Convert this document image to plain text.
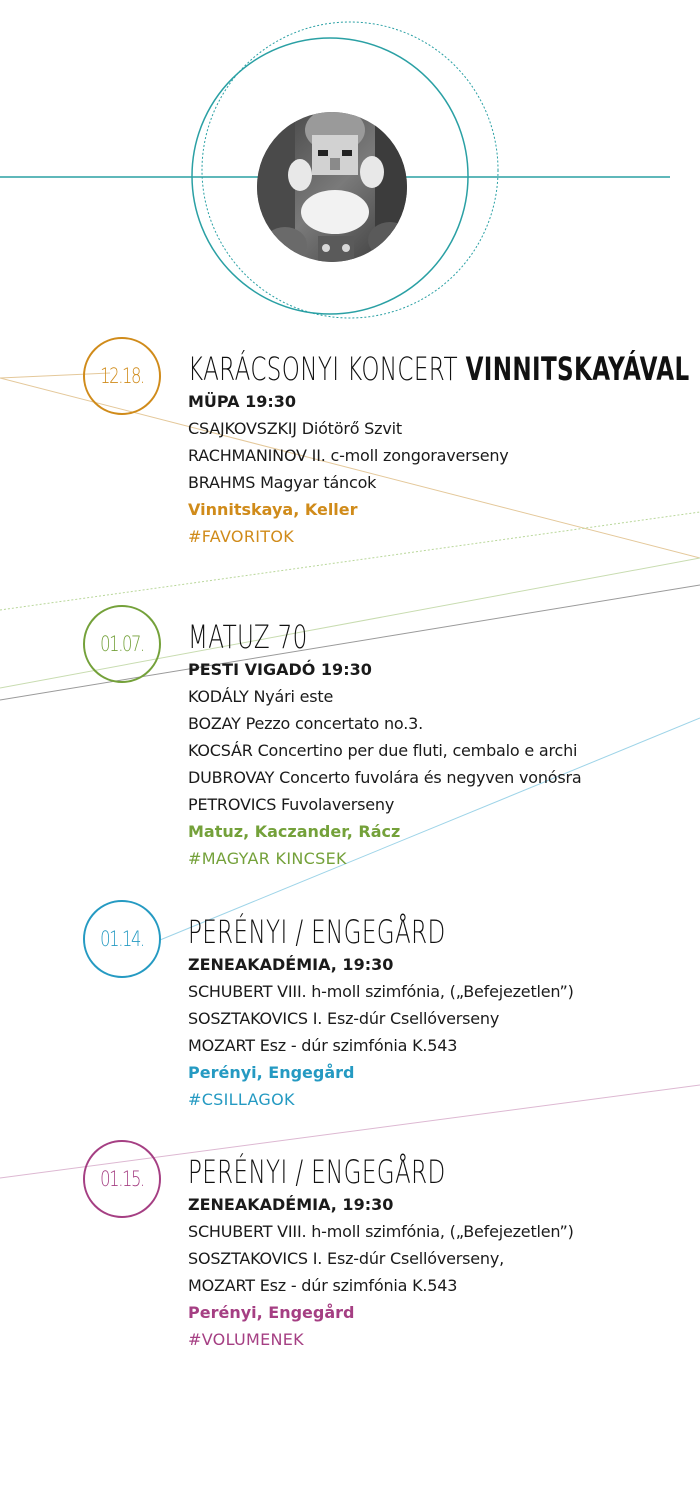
12.18. KARÁCSONYI KONCERT VINNITSKAYÁVAL
MÜPA 19:30
CSAJKOVSZKIJ Diótörő Szvit
RACHMANINOV II. c-moll zongoraverseny
BRAHMS Magyar táncok
Vinnitskaya, Keller
#FAVORITOK
01.07. MATUZ 70
PESTI VIGADÓ 19:30
KODÁLY Nyári este
BOZAY Pezzo concertato no.3.
KOCSÁR Concertino per due fluti, cembalo e archi
DUBROVAY Concerto fuvolára és negyven vonósra
PETROVICS Fuvolaverseny
Matuz, Kaczander, Rácz
#MAGYAR KINCSEK
01.14. PERÉNYI / ENGEGÅRD
ZENEAKADÉMIA, 19:30
SCHUBERT VIII. h-moll szimfónia, („Befejezetlen”)
SOSZTAKOVICS I. Esz-dúr Csellóverseny
MOZART Esz - dúr szimfónia K.543
Perényi, Engegård
#CSILLAGOK
01.15. PERÉNYI / ENGEGÅRD
ZENEAKADÉMIA, 19:30
SCHUBERT VIII. h-moll szimfónia, („Befejezetlen”)
SOSZTAKOVICS I. Esz-dúr Csellóverseny,
MOZART Esz - dúr szimfónia K.543
Perényi, Engegård
#VOLUMENEK
